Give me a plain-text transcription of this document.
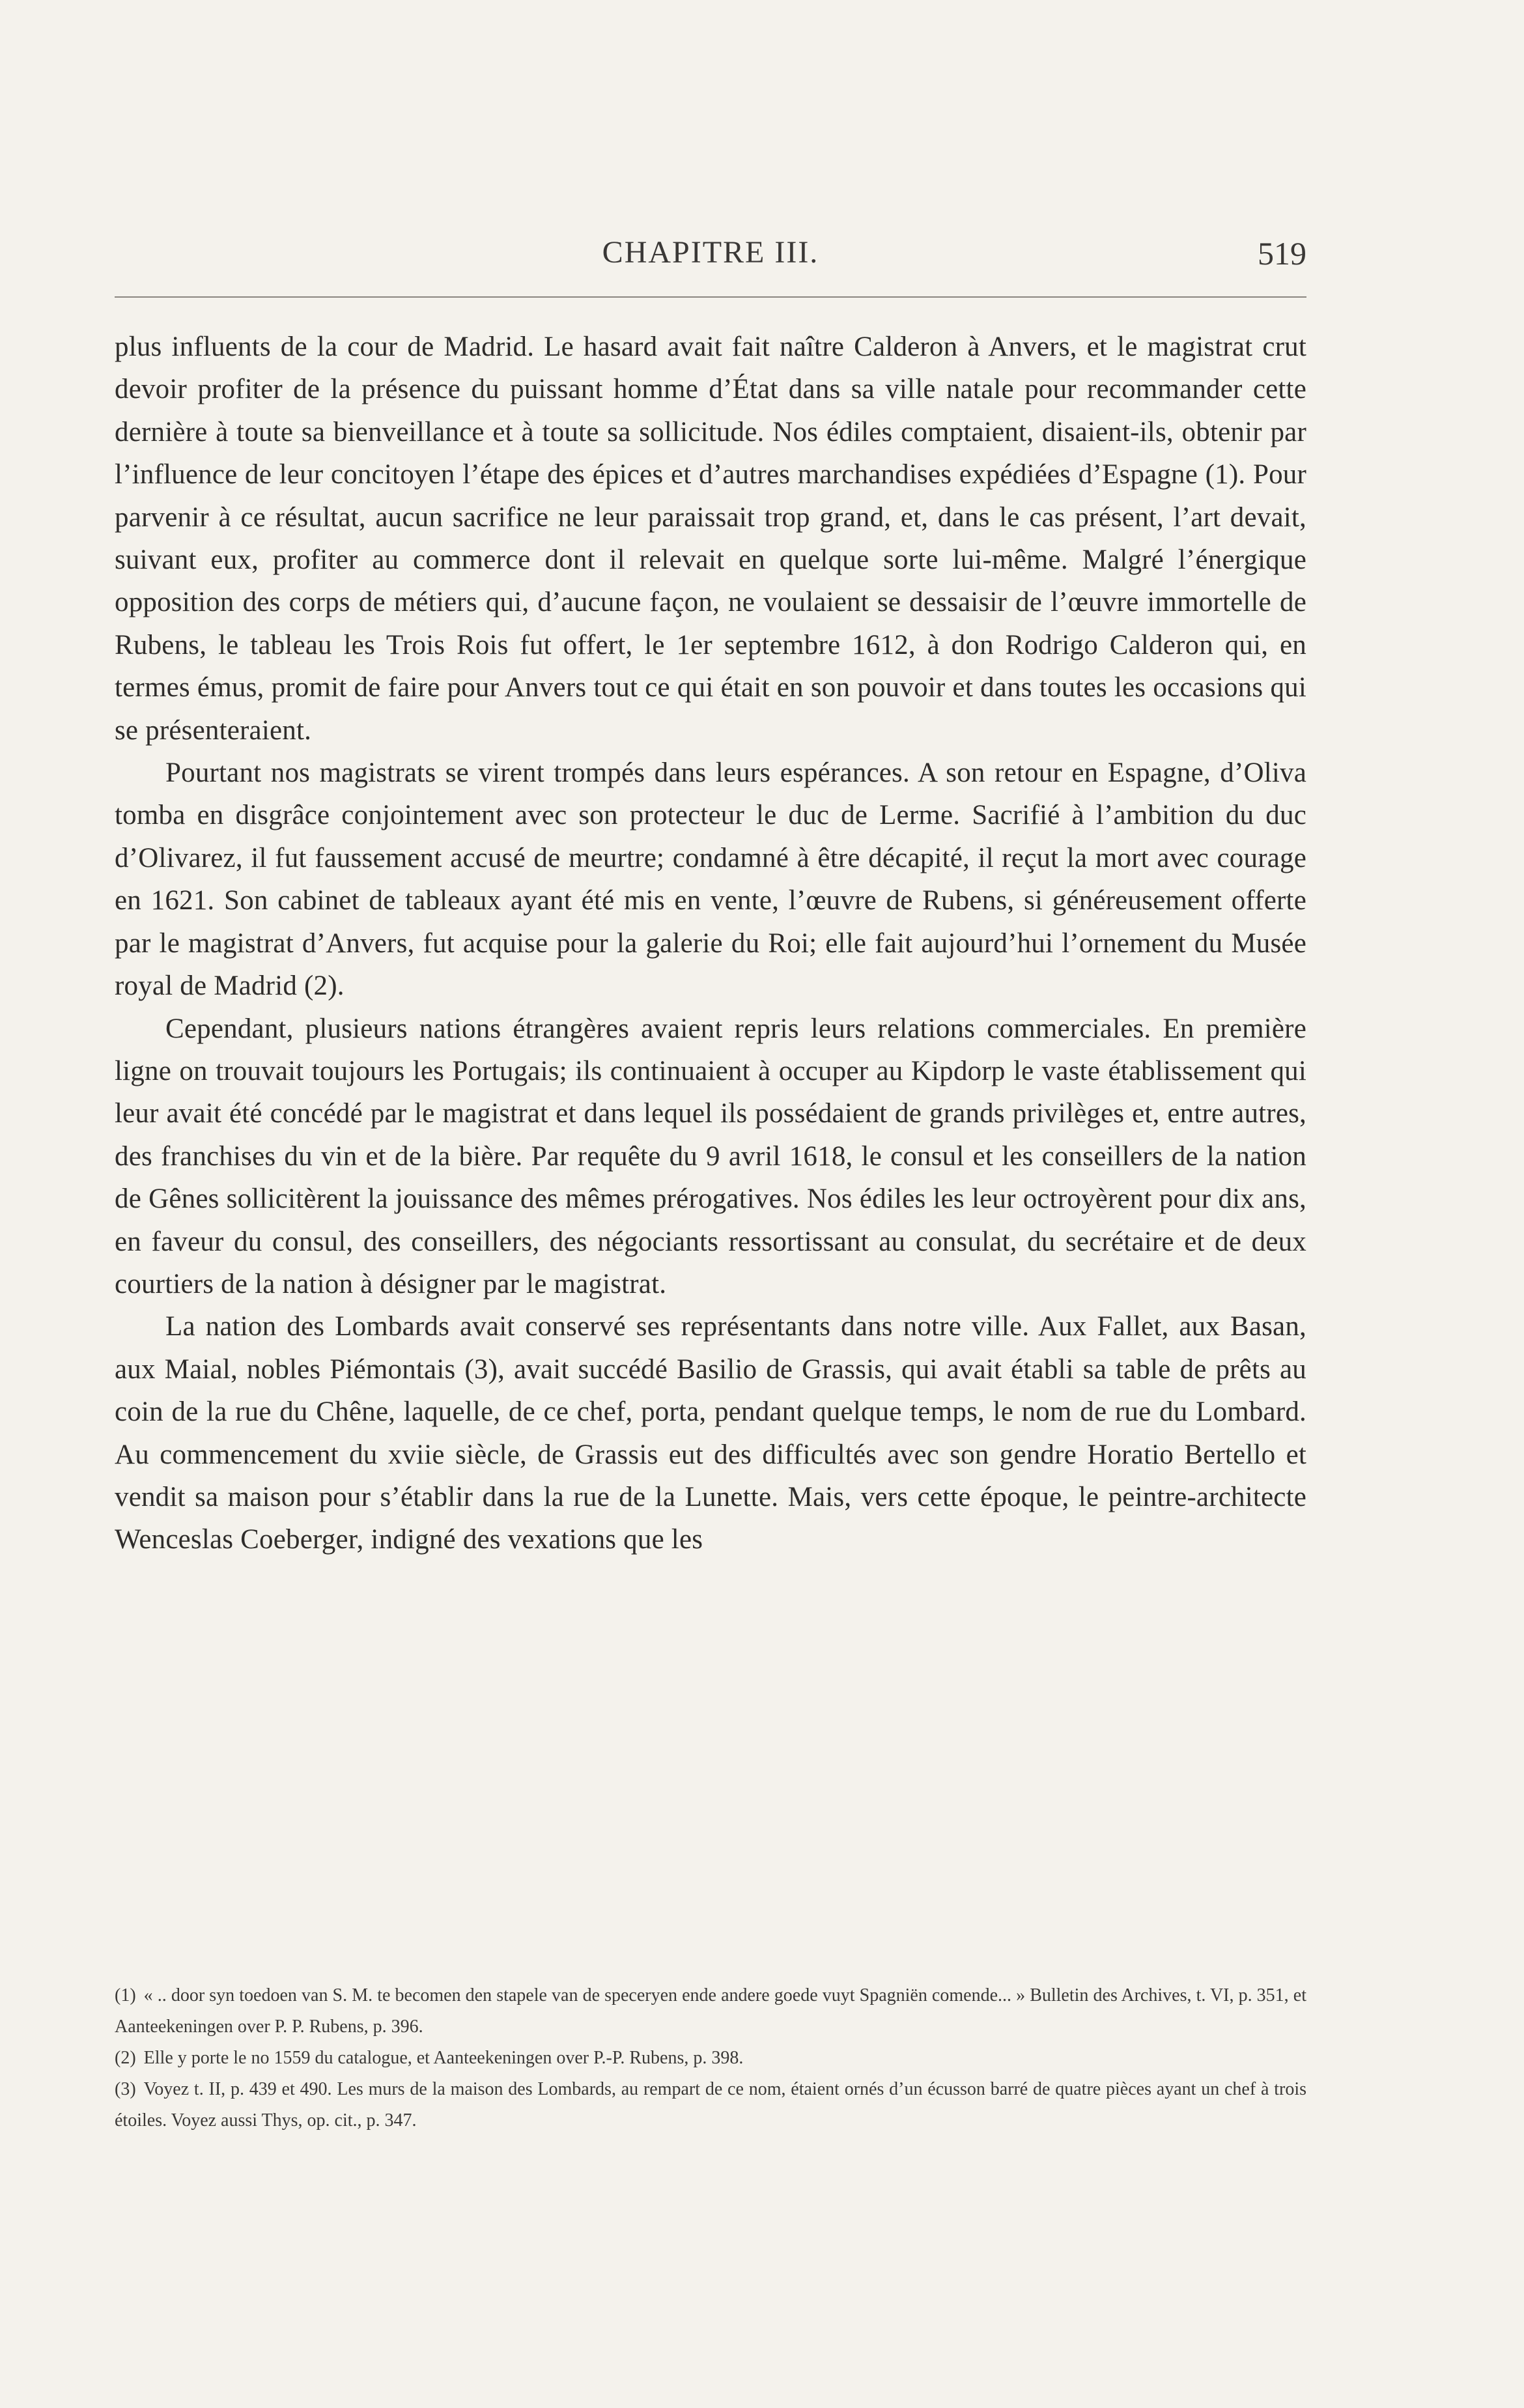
CHAPITRE III.	519

plus influents de la cour de Madrid. Le hasard avait fait naître Calderon à Anvers, et le magistrat crut devoir profiter de la présence du puissant homme d’État dans sa ville natale pour recommander cette dernière à toute sa bienveillance et à toute sa sollicitude. Nos édiles comptaient, disaient-ils, obtenir par l’influence de leur concitoyen l’étape des épices et d’autres marchandises expédiées d’Espagne (1). Pour parvenir à ce résultat, aucun sacrifice ne leur paraissait trop grand, et, dans le cas présent, l’art devait, suivant eux, profiter au commerce dont il relevait en quelque sorte lui-même. Malgré l’énergique opposition des corps de métiers qui, d’aucune façon, ne voulaient se dessaisir de l’œuvre immortelle de Rubens, le tableau les Trois Rois fut offert, le 1er septembre 1612, à don Rodrigo Calderon qui, en termes émus, promit de faire pour Anvers tout ce qui était en son pouvoir et dans toutes les occasions qui se présenteraient.

Pourtant nos magistrats se virent trompés dans leurs espérances. A son retour en Espagne, d’Oliva tomba en disgrâce conjointement avec son protecteur le duc de Lerme. Sacrifié à l’ambition du duc d’Olivarez, il fut faussement accusé de meurtre; condamné à être décapité, il reçut la mort avec courage en 1621. Son cabinet de tableaux ayant été mis en vente, l’œuvre de Rubens, si généreusement offerte par le magistrat d’Anvers, fut acquise pour la galerie du Roi; elle fait aujourd’hui l’ornement du Musée royal de Madrid (2).

Cependant, plusieurs nations étrangères avaient repris leurs relations commerciales. En première ligne on trouvait toujours les Portugais; ils continuaient à occuper au Kipdorp le vaste établissement qui leur avait été concédé par le magistrat et dans lequel ils possédaient de grands privilèges et, entre autres, des franchises du vin et de la bière. Par requête du 9 avril 1618, le consul et les conseillers de la nation de Gênes sollicitèrent la jouissance des mêmes prérogatives. Nos édiles les leur octroyèrent pour dix ans, en faveur du consul, des conseillers, des négociants ressortissant au consulat, du secrétaire et de deux courtiers de la nation à désigner par le magistrat.

La nation des Lombards avait conservé ses représentants dans notre ville. Aux Fallet, aux Basan, aux Maial, nobles Piémontais (3), avait succédé Basilio de Grassis, qui avait établi sa table de prêts au coin de la rue du Chêne, laquelle, de ce chef, porta, pendant quelque temps, le nom de rue du Lombard. Au commencement du xviie siècle, de Grassis eut des difficultés avec son gendre Horatio Bertello et vendit sa maison pour s’établir dans la rue de la Lunette. Mais, vers cette époque, le peintre-architecte Wenceslas Coeberger, indigné des vexations que les

(1) « .. door syn toedoen van S. M. te becomen den stapele van de speceryen ende andere goede vuyt Spagniën comende... » Bulletin des Archives, t. VI, p. 351, et Aanteekeningen over P. P. Rubens, p. 396.

(2) Elle y porte le no 1559 du catalogue, et Aanteekeningen over P.-P. Rubens, p. 398.

(3) Voyez t. II, p. 439 et 490. Les murs de la maison des Lombards, au rempart de ce nom, étaient ornés d’un écusson barré de quatre pièces ayant un chef à trois étoiles. Voyez aussi Thys, op. cit., p. 347.
